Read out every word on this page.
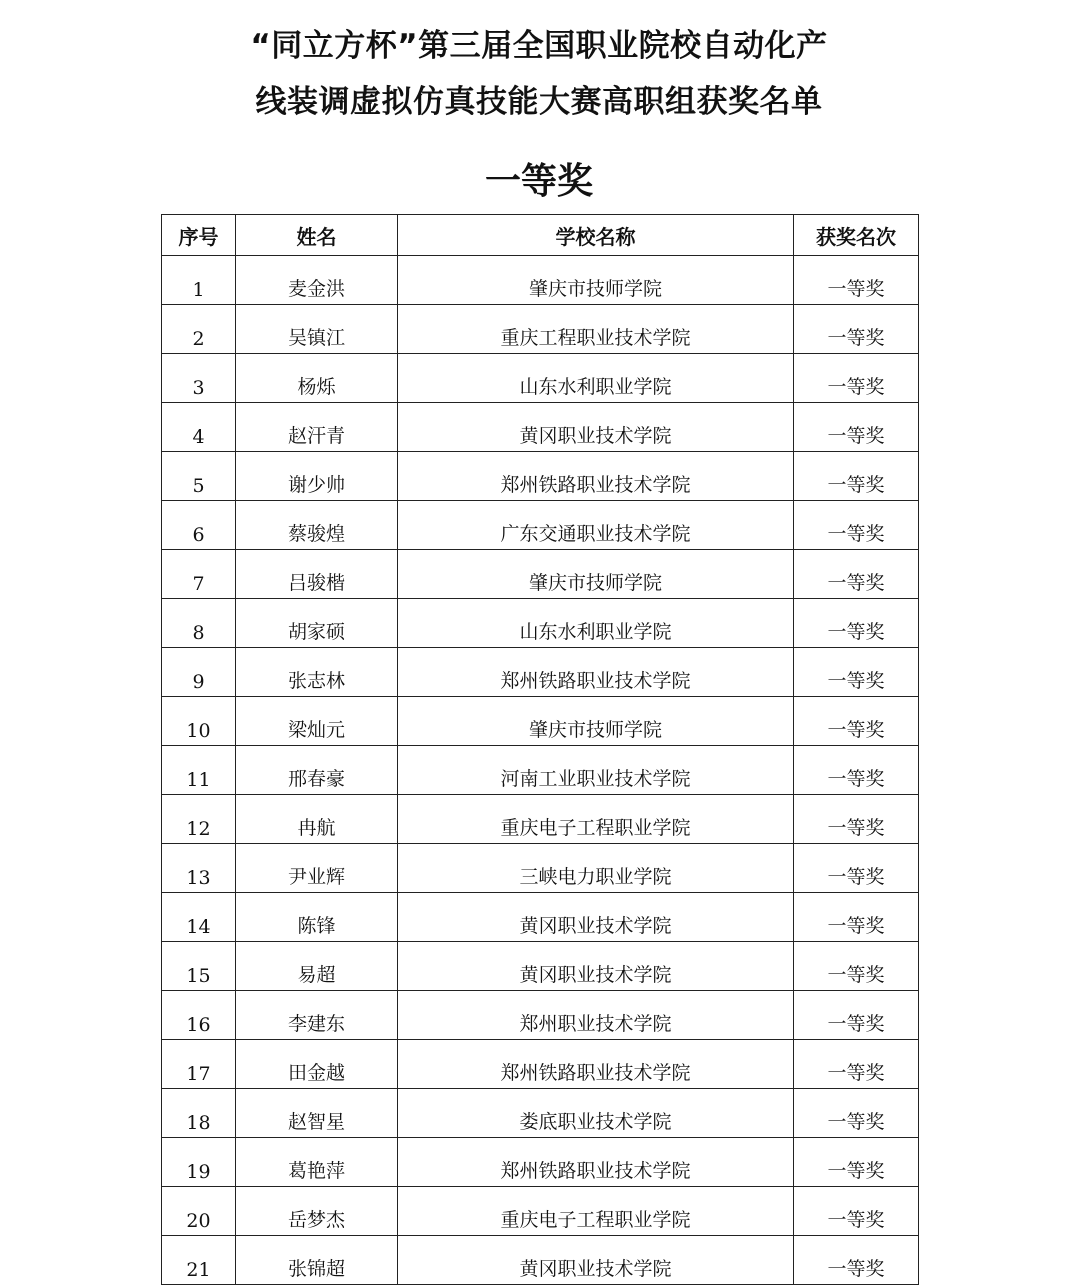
“同立方杯”第三届全国职业院校自动化产
线装调虚拟仿真技能大赛高职组获奖名单
一等奖
序号	姓名	学校名称	获奖名次
1	麦金洪	肇庆市技师学院	一等奖
2	吴镇江	重庆工程职业技术学院	一等奖
3	杨烁	山东水利职业学院	一等奖
4	赵汗青	黄冈职业技术学院	一等奖
5	谢少帅	郑州铁路职业技术学院	一等奖
6	蔡骏煌	广东交通职业技术学院	一等奖
7	吕骏楷	肇庆市技师学院	一等奖
8	胡家硕	山东水利职业学院	一等奖
9	张志林	郑州铁路职业技术学院	一等奖
10	梁灿元	肇庆市技师学院	一等奖
11	邢春豪	河南工业职业技术学院	一等奖
12	冉航	重庆电子工程职业学院	一等奖
13	尹业辉	三峡电力职业学院	一等奖
14	陈锋	黄冈职业技术学院	一等奖
15	易超	黄冈职业技术学院	一等奖
16	李建东	郑州职业技术学院	一等奖
17	田金越	郑州铁路职业技术学院	一等奖
18	赵智星	娄底职业技术学院	一等奖
19	葛艳萍	郑州铁路职业技术学院	一等奖
20	岳梦杰	重庆电子工程职业学院	一等奖
21	张锦超	黄冈职业技术学院	一等奖
